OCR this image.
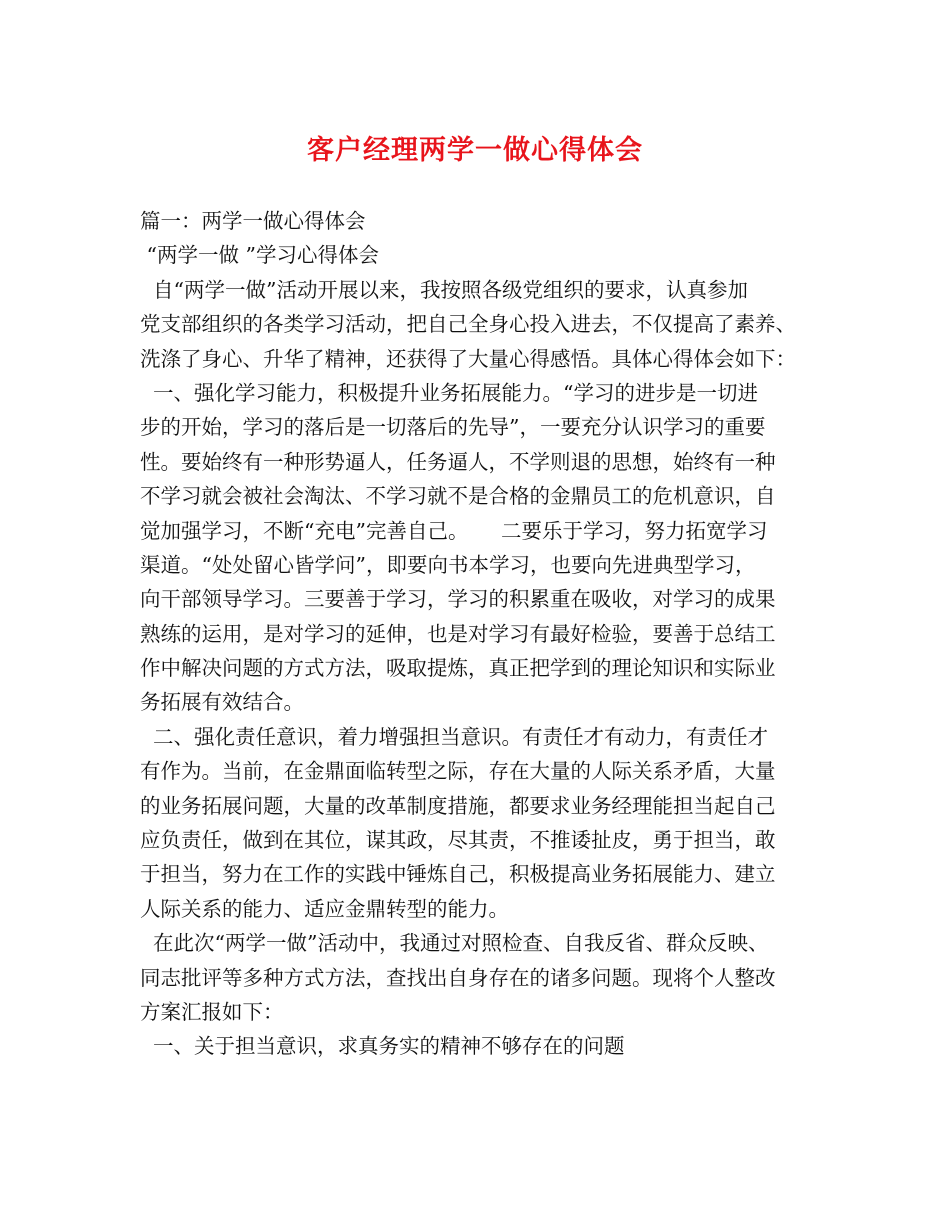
客户经理两学一做心得体会

篇一：两学一做心得体会

“两学一做 ”学习心得体会

自“两学一做”活动开展以来，我按照各级党组织的要求，认真参加

党支部组织的各类学习活动，把自己全身心投入进去，不仅提高了素养、

洗涤了身心、升华了精神，还获得了大量心得感悟。具体心得体会如下：

一、强化学习能力，积极提升业务拓展能力。“学习的进步是一切进

步的开始，学习的落后是一切落后的先导”，一要充分认识学习的重要

性。要始终有一种形势逼人，任务逼人，不学则退的思想，始终有一种

不学习就会被社会淘汰、不学习就不是合格的金鼎员工的危机意识，自

觉加强学习，不断“充电”完善自己。     二要乐于学习，努力拓宽学习

渠道。“处处留心皆学问”，即要向书本学习，也要向先进典型学习，

向干部领导学习。三要善于学习，学习的积累重在吸收，对学习的成果

熟练的运用，是对学习的延伸，也是对学习有最好检验，要善于总结工

作中解决问题的方式方法，吸取提炼，真正把学到的理论知识和实际业

务拓展有效结合。

二、强化责任意识，着力增强担当意识。有责任才有动力，有责任才

有作为。当前，在金鼎面临转型之际，存在大量的人际关系矛盾，大量

的业务拓展问题，大量的改革制度措施，都要求业务经理能担当起自己

应负责任，做到在其位，谋其政，尽其责，不推诿扯皮，勇于担当，敢

于担当，努力在工作的实践中锤炼自己，积极提高业务拓展能力、建立

人际关系的能力、适应金鼎转型的能力。

在此次“两学一做”活动中，我通过对照检查、自我反省、群众反映、

同志批评等多种方式方法，查找出自身存在的诸多问题。现将个人整改

方案汇报如下：

一、关于担当意识，求真务实的精神不够存在的问题
